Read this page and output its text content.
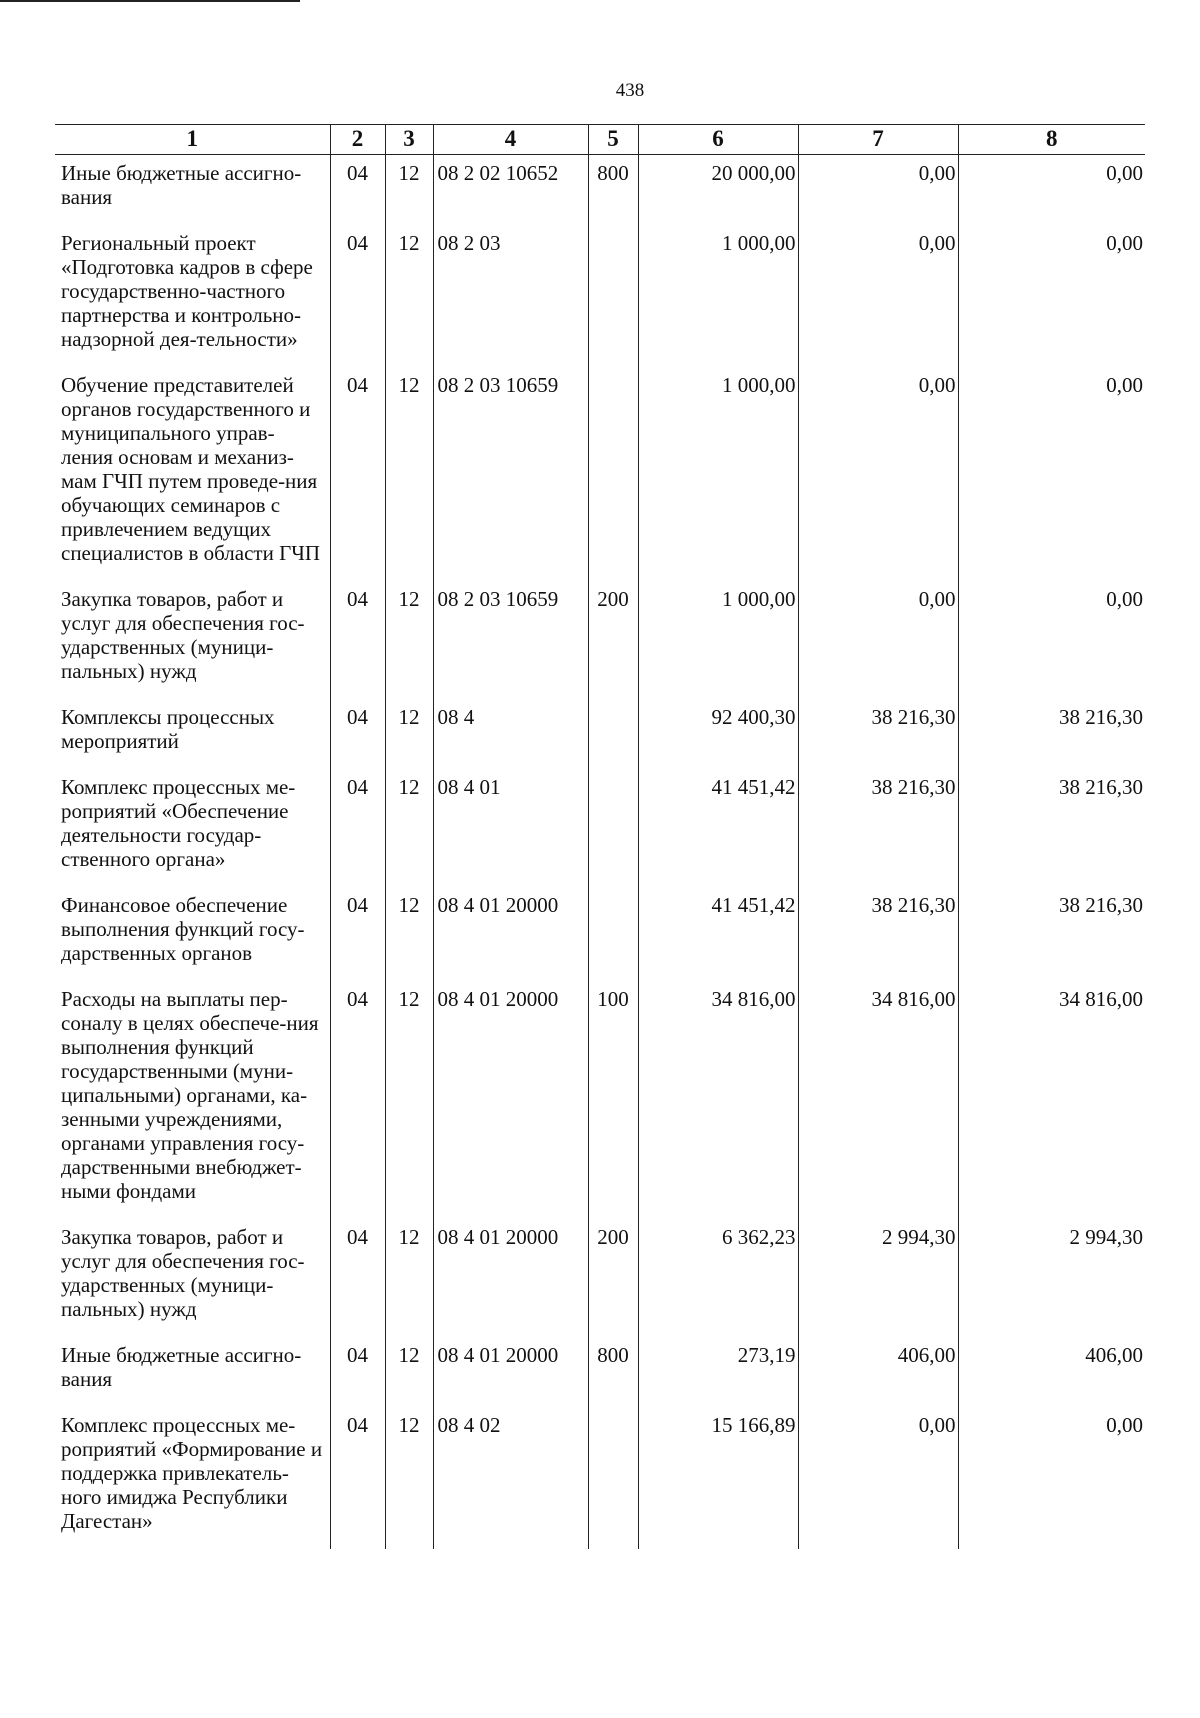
438
1	2	3	4	5	6	7	8
Иные бюджетные ассигно-вания	04	12	08 2 02 10652	800	20 000,00	0,00	0,00
Региональный проект «Подготовка кадров в сфере государственно-частного партнерства и контрольно-надзорной дея-тельности»	04	12	08 2 03		1 000,00	0,00	0,00
Обучение представителей органов государственного и муниципального управ-ления основам и механиз-мам ГЧП путем проведе-ния обучающих семинаров с привлечением ведущих специалистов в области ГЧП	04	12	08 2 03 10659		1 000,00	0,00	0,00
Закупка товаров, работ и услуг для обеспечения гос-ударственных (муници-пальных) нужд	04	12	08 2 03 10659	200	1 000,00	0,00	0,00
Комплексы процессных мероприятий	04	12	08 4		92 400,30	38 216,30	38 216,30
Комплекс процессных ме-роприятий «Обеспечение деятельности государ-ственного органа»	04	12	08 4 01		41 451,42	38 216,30	38 216,30
Финансовое обеспечение выполнения функций госу-дарственных органов	04	12	08 4 01 20000		41 451,42	38 216,30	38 216,30
Расходы на выплаты пер-соналу в целях обеспече-ния выполнения функций государственными (муни-ципальными) органами, ка-зенными учреждениями, органами управления госу-дарственными внебюджет-ными фондами	04	12	08 4 01 20000	100	34 816,00	34 816,00	34 816,00
Закупка товаров, работ и услуг для обеспечения гос-ударственных (муници-пальных) нужд	04	12	08 4 01 20000	200	6 362,23	2 994,30	2 994,30
Иные бюджетные ассигно-вания	04	12	08 4 01 20000	800	273,19	406,00	406,00
Комплекс процессных ме-роприятий «Формирование и поддержка привлекатель-ного имиджа Республики Дагестан»	04	12	08 4 02		15 166,89	0,00	0,00
